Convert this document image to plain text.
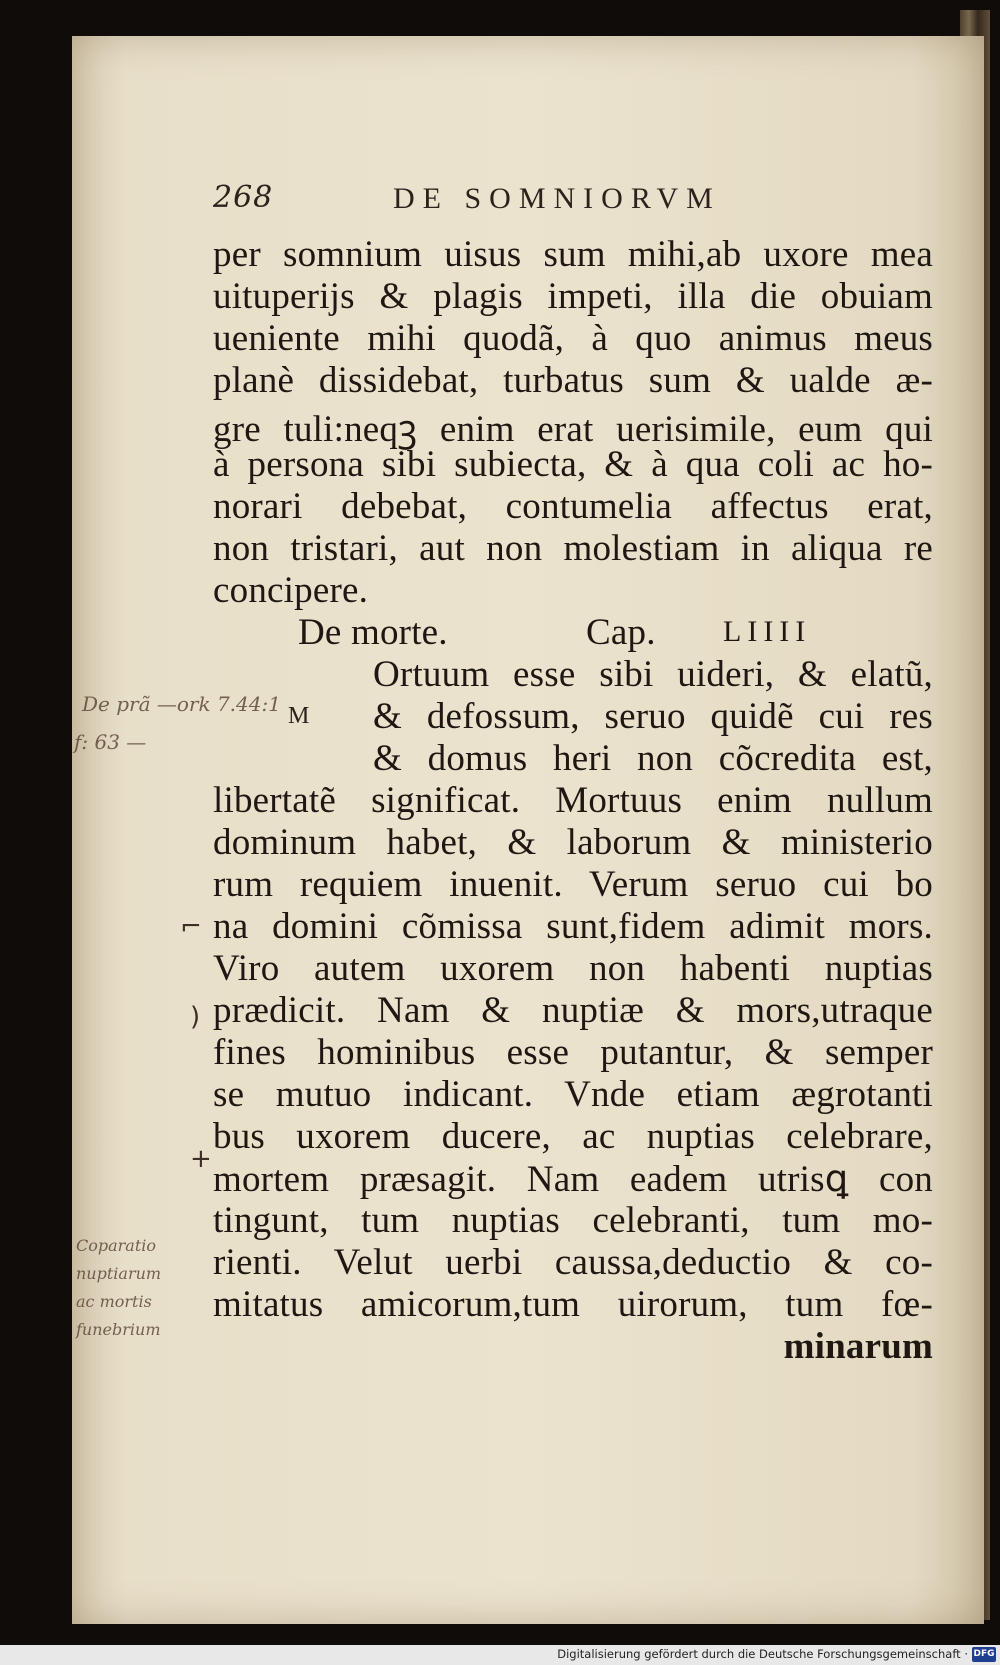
268	DE SOMNIORVM
per somnium uisus sum mihi,ab uxore mea
uituperijs & plagis impeti, illa die obuiam
ueniente mihi quodã, à quo animus meus
planè dissidebat, turbatus sum & ualde æ-
gre tuli:neqꝫ enim erat uerisimile, eum qui
à persona sibi subiecta, & à qua coli ac ho-
norari debebat, contumelia affectus erat,
non tristari, aut non molestiam in aliqua re
concipere.
De morte.	Cap. LIIII
M
Ortuum esse sibi uideri, & elatũ,
& defossum, seruo quidẽ cui res
& domus heri non cõcredita est,
libertatẽ significat. Mortuus enim nullum
dominum habet, & laborum & ministerio
rum requiem inuenit. Verum seruo cui bo
na domini cõmissa sunt,fidem adimit mors.
Viro autem uxorem non habenti nuptias
prædicit. Nam & nuptiæ & mors,utraque
fines hominibus esse putantur, & semper
se mutuo indicant. Vnde etiam ægrotanti
bus uxorem ducere, ac nuptias celebrare,
mortem præsagit. Nam eadem utrisꝗ con
tingunt, tum nuptias celebranti, tum mo-
rienti. Velut uerbi caussa,deductio & co-
mitatus amicorum,tum uirorum, tum fœ-
minarum
De prã —ork 7.44:1
f: 63 —
Coparatio
nuptiarum
ac mortis
funebrium
⌐
)
+
Digitalisierung gefördert durch die Deutsche Forschungsgemeinschaft · DFG
